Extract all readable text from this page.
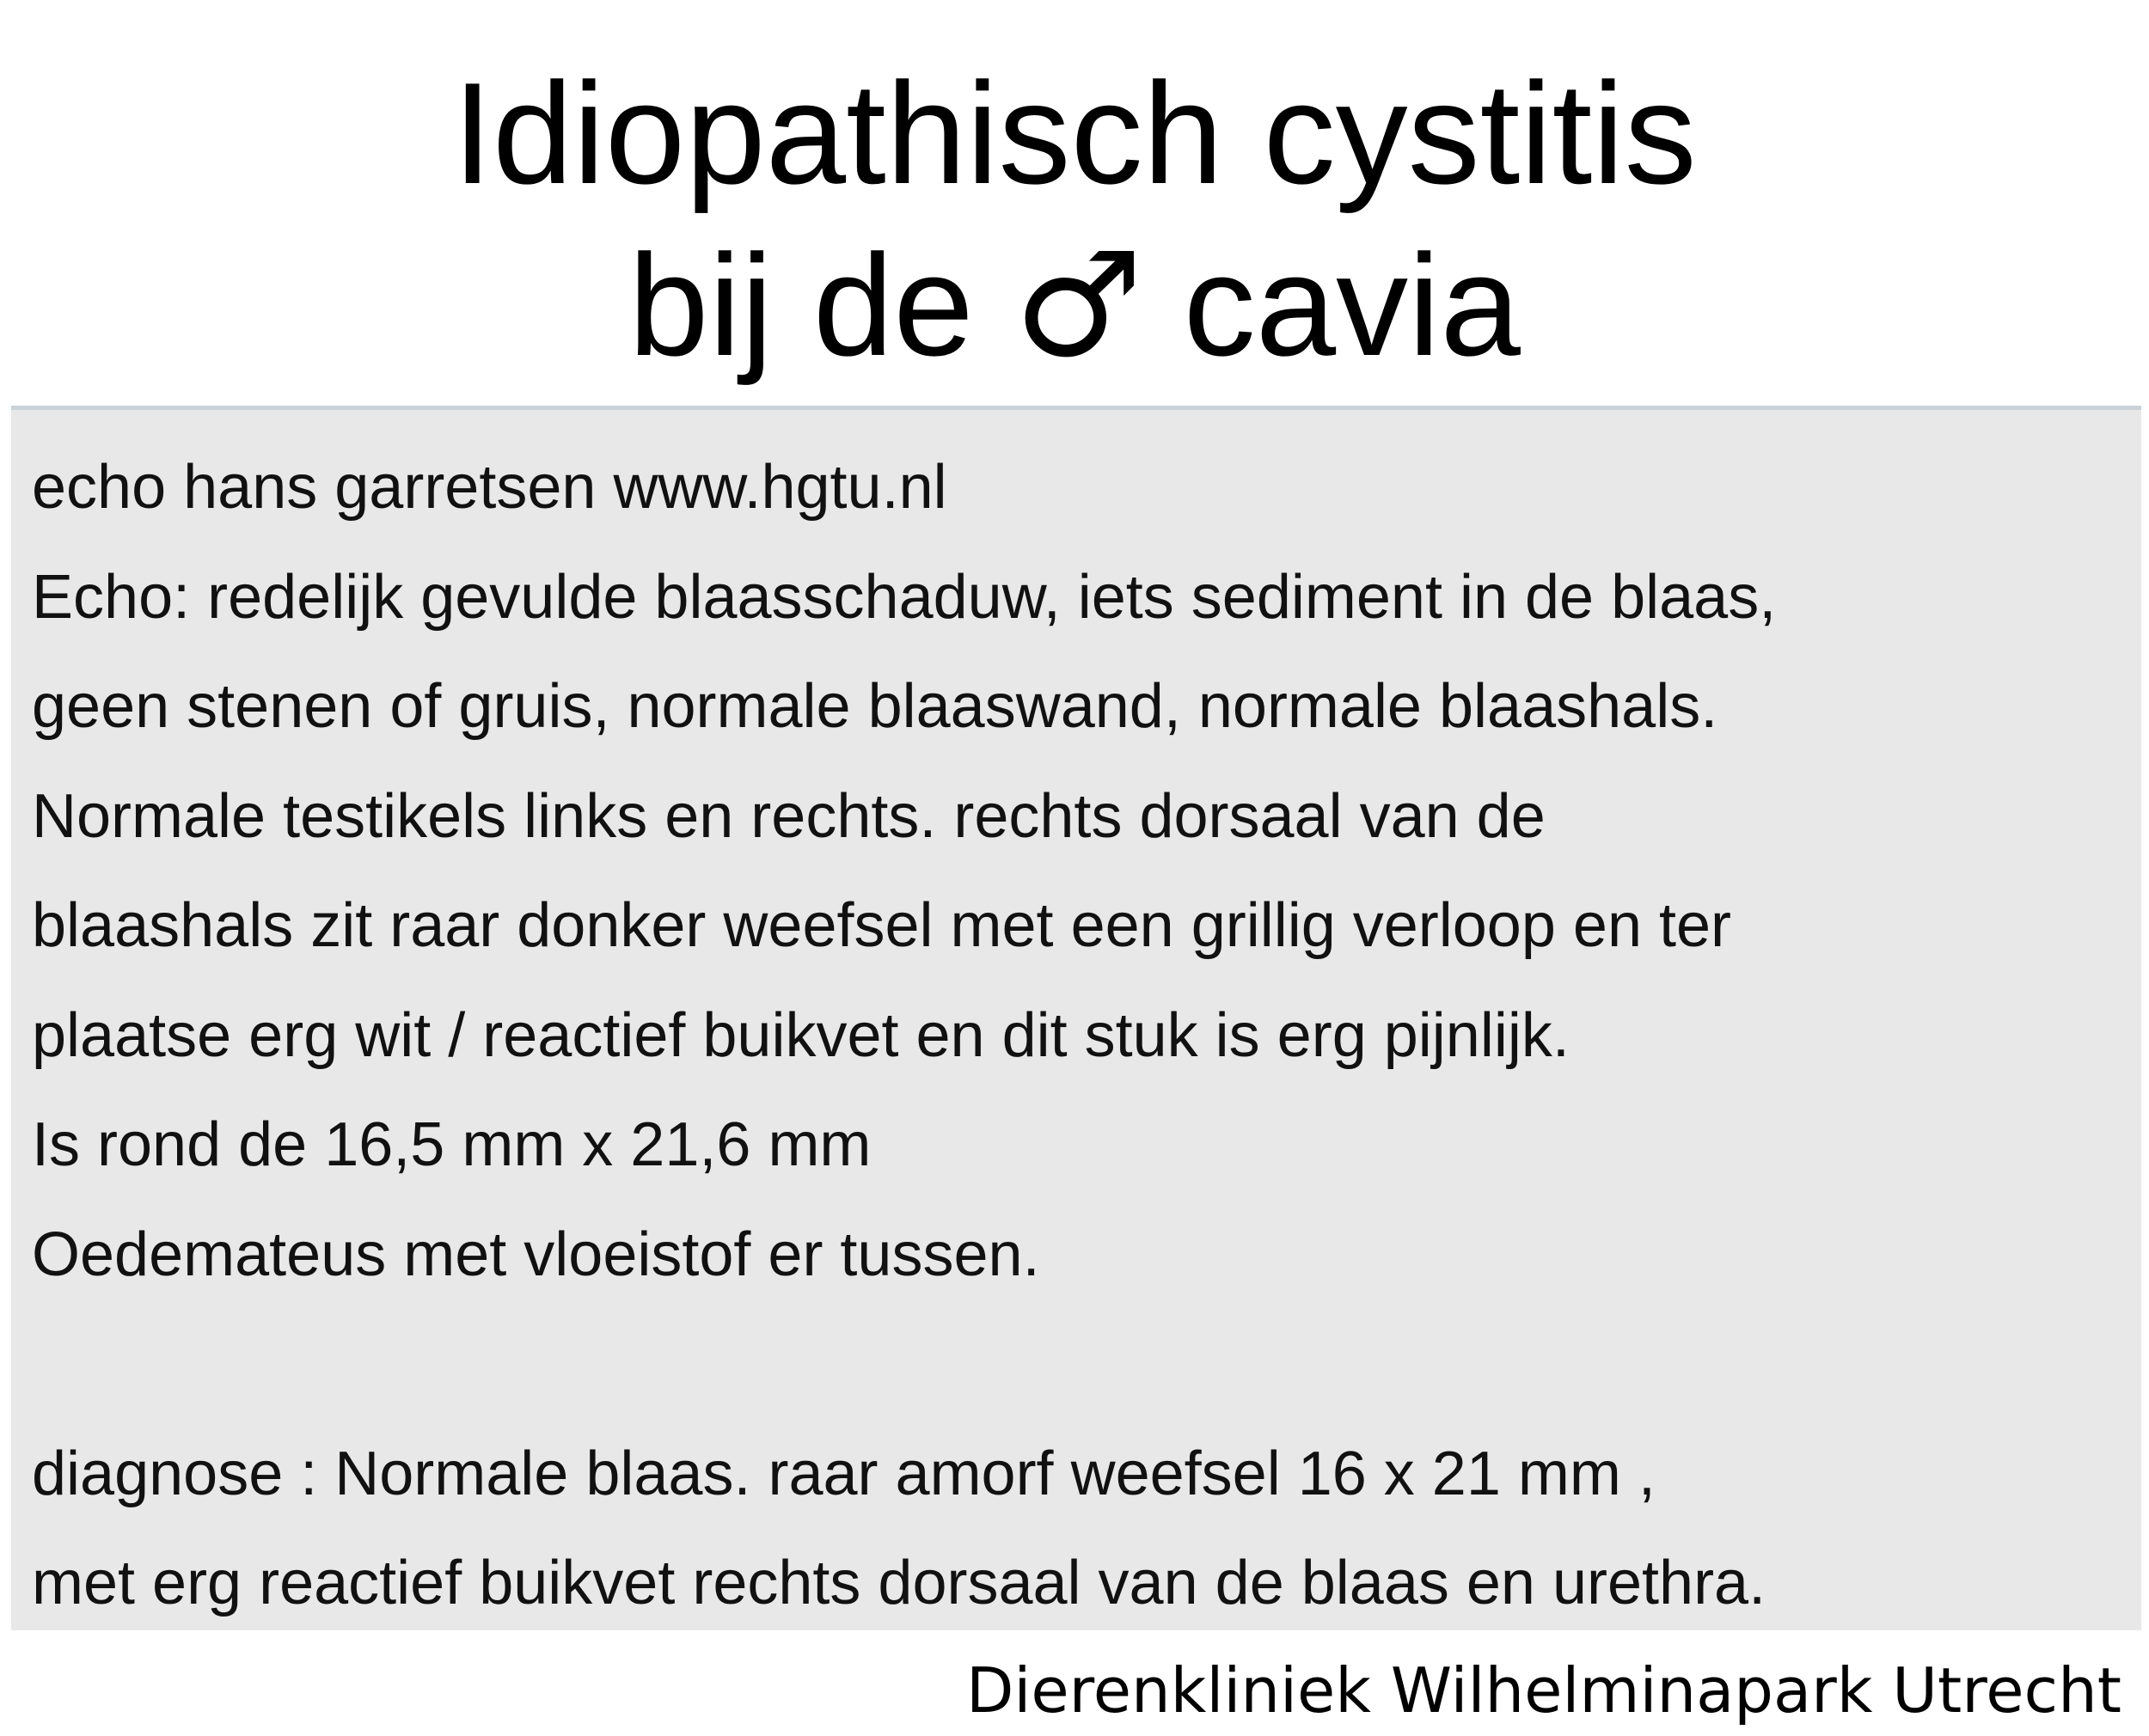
Idiopathisch cystitis
bij de ♂ cavia
echo hans garretsen www.hgtu.nl
Echo: redelijk gevulde blaasschaduw, iets sediment in de blaas,
geen stenen of gruis, normale blaaswand, normale blaashals.
Normale testikels links en rechts. rechts dorsaal van de
blaashals zit raar donker weefsel met een grillig verloop en ter
plaatse erg wit / reactief buikvet en dit stuk is erg pijnlijk.
Is rond de 16,5 mm x 21,6 mm
Oedemateus met vloeistof er tussen.
diagnose : Normale blaas. raar amorf weefsel 16 x 21 mm ,
met erg reactief buikvet rechts dorsaal van de blaas en urethra.
Dierenkliniek Wilhelminapark Utrecht
